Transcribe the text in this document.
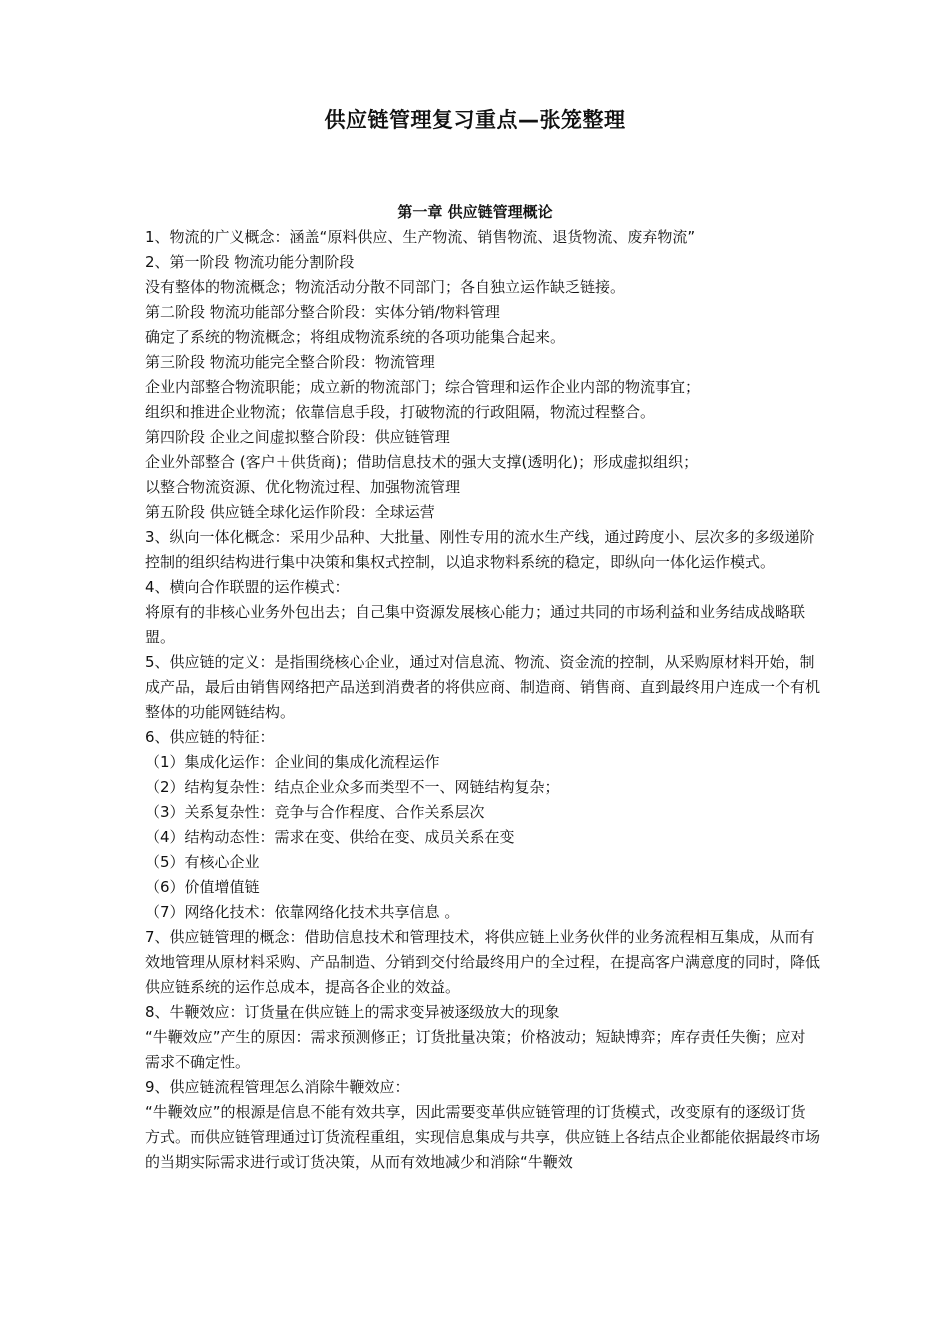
供应链管理复习重点—张笼整理
第一章 供应链管理概论

1、物流的广义概念：涵盖“原料供应、生产物流、销售物流、退货物流、废弃物流”

2、第一阶段 物流功能分割阶段

没有整体的物流概念；物流活动分散不同部门；各自独立运作缺乏链接。

第二阶段 物流功能部分整合阶段：实体分销/物料管理

确定了系统的物流概念；将组成物流系统的各项功能集合起来。

第三阶段 物流功能完全整合阶段：物流管理

企业内部整合物流职能；成立新的物流部门；综合管理和运作企业内部的物流事宜；

组织和推进企业物流；依靠信息手段，打破物流的行政阻隔，物流过程整合。

第四阶段 企业之间虚拟整合阶段：供应链管理

企业外部整合 (客户＋供货商)；借助信息技术的强大支撑(透明化)；形成虚拟组织；

以整合物流资源、优化物流过程、加强物流管理

第五阶段 供应链全球化运作阶段：全球运营

3、纵向一体化概念：采用少品种、大批量、刚性专用的流水生产线，通过跨度小、层次多的多级递阶控制的组织结构进行集中决策和集权式控制，以追求物料系统的稳定，即纵向一体化运作模式。

4、横向合作联盟的运作模式：

将原有的非核心业务外包出去；自己集中资源发展核心能力；通过共同的市场利益和业务结成战略联盟。

5、供应链的定义：是指围绕核心企业，通过对信息流、物流、资金流的控制，从采购原材料开始，制成产品，最后由销售网络把产品送到消费者的将供应商、制造商、销售商、直到最终用户连成一个有机整体的功能网链结构。

6、供应链的特征：

（1）集成化运作：企业间的集成化流程运作

（2）结构复杂性：结点企业众多而类型不一、网链结构复杂；

（3）关系复杂性：竞争与合作程度、合作关系层次

（4）结构动态性：需求在变、供给在变、成员关系在变

（5）有核心企业

（6）价值增值链

（7）网络化技术：依靠网络化技术共享信息 。

7、供应链管理的概念：借助信息技术和管理技术，将供应链上业务伙伴的业务流程相互集成，从而有效地管理从原材料采购、产品制造、分销到交付给最终用户的全过程，在提高客户满意度的同时，降低供应链系统的运作总成本，提高各企业的效益。

8、牛鞭效应：订货量在供应链上的需求变异被逐级放大的现象

“牛鞭效应”产生的原因：需求预测修正；订货批量决策；价格波动；短缺博弈；库存责任失衡；应对需求不确定性。

9、供应链流程管理怎么消除牛鞭效应：

“牛鞭效应”的根源是信息不能有效共享，因此需要变革供应链管理的订货模式，改变原有的逐级订货方式。而供应链管理通过订货流程重组，实现信息集成与共享，供应链上各结点企业都能依据最终市场的当期实际需求进行或订货决策，从而有效地减少和消除“牛鞭效
